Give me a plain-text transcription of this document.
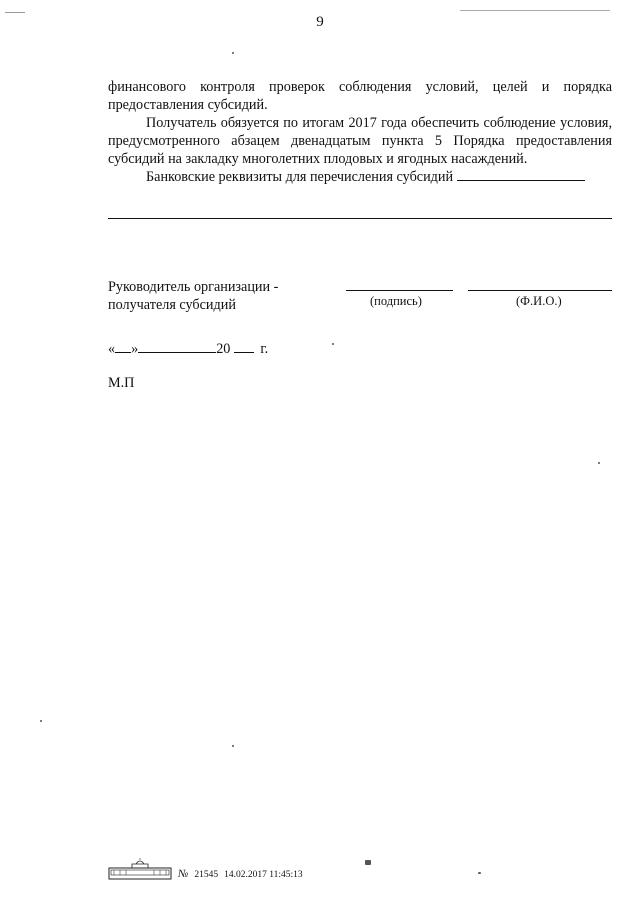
9

финансового контроля проверок соблюдения условий, целей и порядка предоставления субсидий.

Получатель обязуется по итогам 2017 года обеспечить соблюдение условия, предусмотренного абзацем двенадцатым пункта 5 Порядка предоставления субсидий на закладку многолетних плодовых и ягодных насаждений.

Банковские реквизиты для перечисления субсидий

Руководитель организации -
получателя субсидий	(подпись)	(Ф.И.О.)
« »	20 г.
М.П
№ 21545 14.02.2017 11:45:13
